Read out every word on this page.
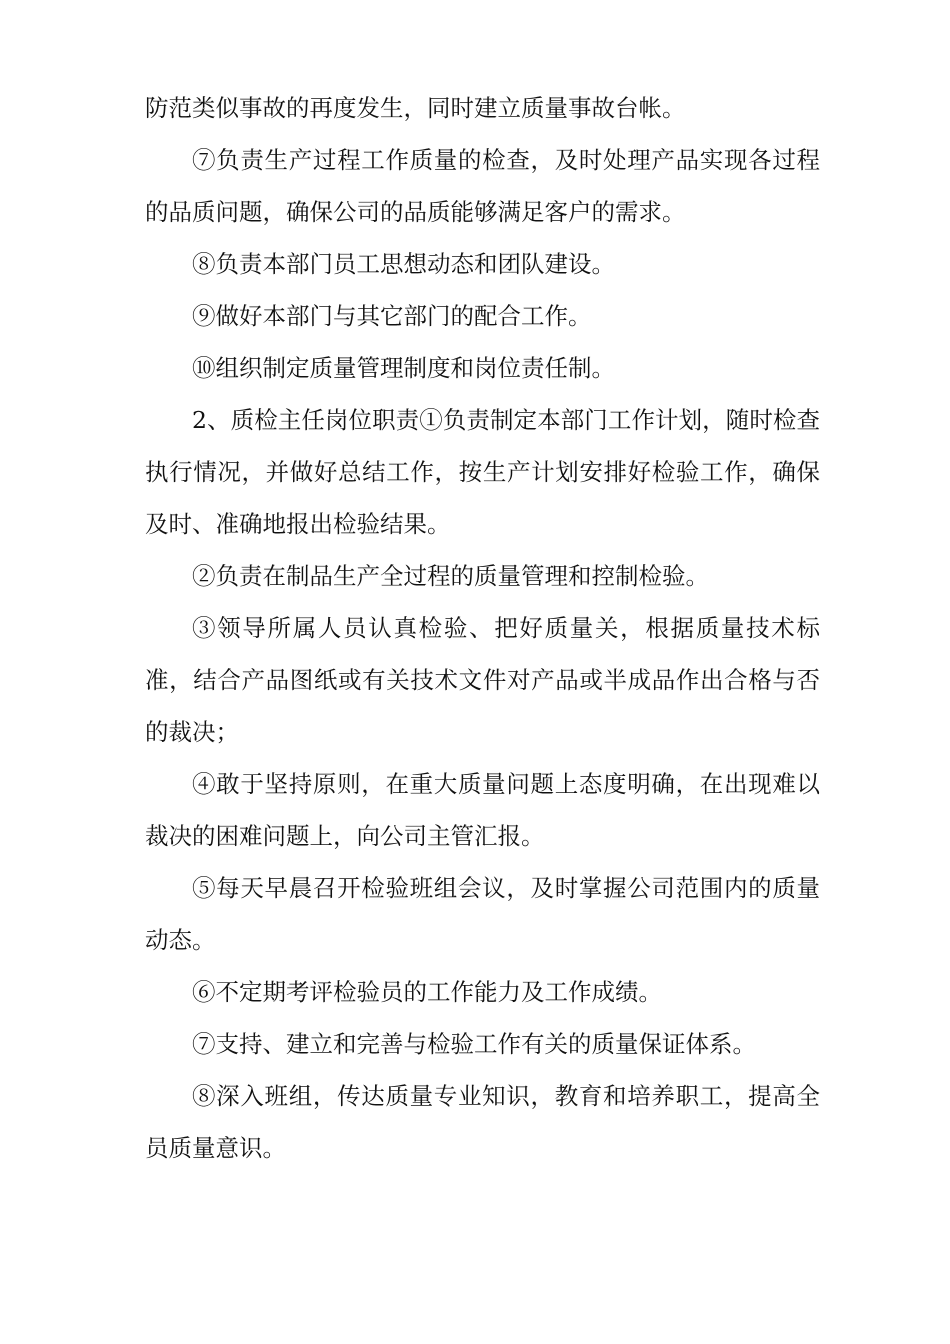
防范类似事故的再度发生，同时建立质量事故台帐。

⑦负责生产过程工作质量的检查，及时处理产品实现各过程的品质问题，确保公司的品质能够满足客户的需求。

⑧负责本部门员工思想动态和团队建设。

⑨做好本部门与其它部门的配合工作。

⑩组织制定质量管理制度和岗位责任制。

2、质检主任岗位职责①负责制定本部门工作计划，随时检查执行情况，并做好总结工作，按生产计划安排好检验工作，确保及时、准确地报出检验结果。

②负责在制品生产全过程的质量管理和控制检验。

③领导所属人员认真检验、把好质量关，根据质量技术标准，结合产品图纸或有关技术文件对产品或半成品作出合格与否的裁决；

④敢于坚持原则，在重大质量问题上态度明确，在出现难以裁决的困难问题上，向公司主管汇报。

⑤每天早晨召开检验班组会议，及时掌握公司范围内的质量动态。

⑥不定期考评检验员的工作能力及工作成绩。

⑦支持、建立和完善与检验工作有关的质量保证体系。

⑧深入班组，传达质量专业知识，教育和培养职工，提高全员质量意识。
